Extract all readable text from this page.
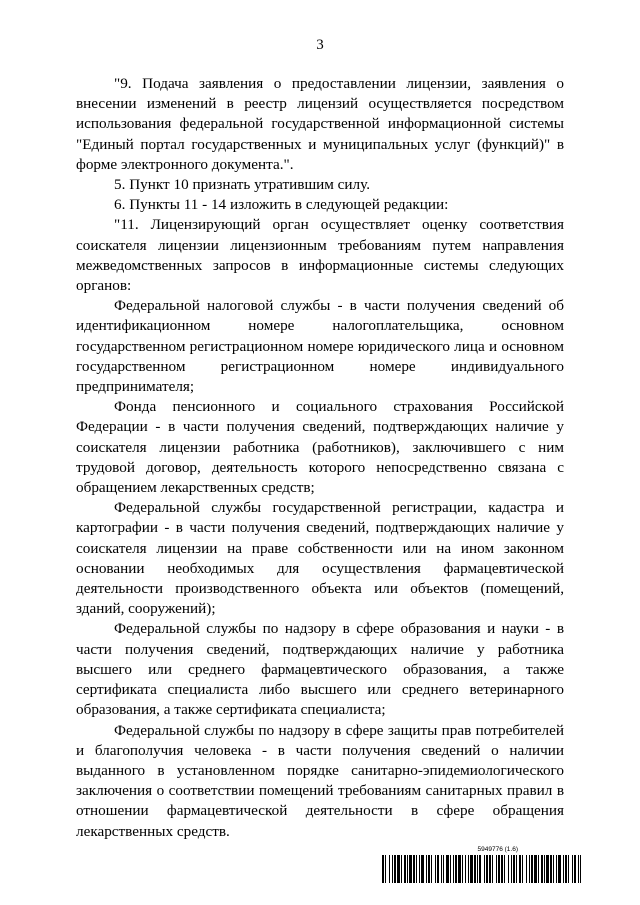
3

"9. Подача заявления о предоставлении лицензии, заявления о внесении изменений в реестр лицензий осуществляется посредством использования федеральной государственной информационной системы "Единый портал государственных и муниципальных услуг (функций)" в форме электронного документа.".

5. Пункт 10 признать утратившим силу.

6. Пункты 11 - 14 изложить в следующей редакции:

"11. Лицензирующий орган осуществляет оценку соответствия соискателя лицензии лицензионным требованиям путем направления межведомственных запросов в информационные системы следующих органов:

Федеральной налоговой службы - в части получения сведений об идентификационном номере налогоплательщика, основном государственном регистрационном номере юридического лица и основном государственном регистрационном номере индивидуального предпринимателя;

Фонда пенсионного и социального страхования Российской Федерации - в части получения сведений, подтверждающих наличие у соискателя лицензии работника (работников), заключившего с ним трудовой договор, деятельность которого непосредственно связана с обращением лекарственных средств;

Федеральной службы государственной регистрации, кадастра и картографии - в части получения сведений, подтверждающих наличие у соискателя лицензии на праве собственности или на ином законном основании необходимых для осуществления фармацевтической деятельности производственного объекта или объектов (помещений, зданий, сооружений);

Федеральной службы по надзору в сфере образования и науки - в части получения сведений, подтверждающих наличие у работника высшего или среднего фармацевтического образования, а также сертификата специалиста либо высшего или среднего ветеринарного образования, а также сертификата специалиста;

Федеральной службы по надзору в сфере защиты прав потребителей и благополучия человека - в части получения сведений о наличии выданного в установленном порядке санитарно-эпидемиологического заключения о соответствии помещений требованиям санитарных правил в отношении фармацевтической деятельности в сфере обращения лекарственных средств.

5949776 (1.6)
